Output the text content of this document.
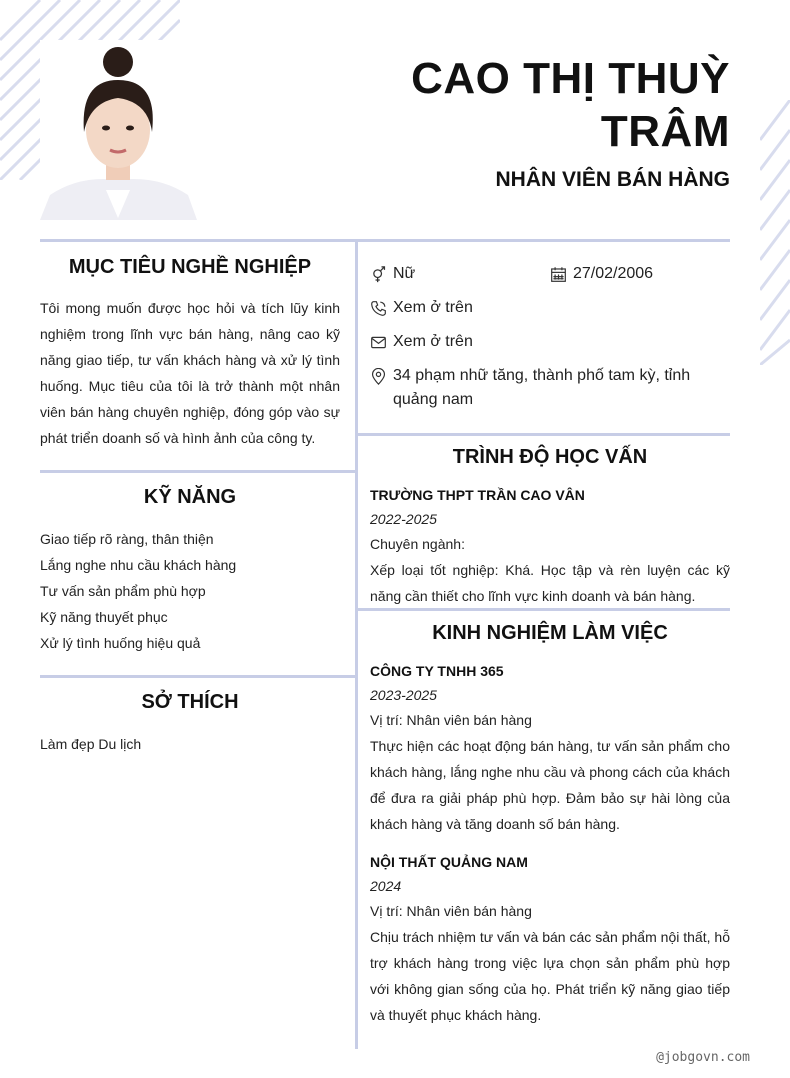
CAO THỊ THUỲ
TRÂM
NHÂN VIÊN BÁN HÀNG
MỤC TIÊU NGHỀ NGHIỆP
Tôi mong muốn được học hỏi và tích lũy kinh nghiệm trong lĩnh vực bán hàng, nâng cao kỹ năng giao tiếp, tư vấn khách hàng và xử lý tình huống. Mục tiêu của tôi là trở thành một nhân viên bán hàng chuyên nghiệp, đóng góp vào sự phát triển doanh số và hình ảnh của công ty.
KỸ NĂNG
Giao tiếp rõ ràng, thân thiện
Lắng nghe nhu cầu khách hàng
Tư vấn sản phẩm phù hợp
Kỹ năng thuyết phục
Xử lý tình huống hiệu quả
SỞ THÍCH
Làm đẹp Du lịch
Nữ	27/02/2006
Xem ở trên
Xem ở trên
34 phạm nhữ tăng, thành phố tam kỳ, tỉnh quảng nam
TRÌNH ĐỘ HỌC VẤN
TRƯỜNG THPT TRẦN CAO VÂN
2022-2025
Chuyên ngành:
Xếp loại tốt nghiệp: Khá. Học tập và rèn luyện các kỹ năng cần thiết cho lĩnh vực kinh doanh và bán hàng.
KINH NGHIỆM LÀM VIỆC
CÔNG TY TNHH 365
2023-2025
Vị trí: Nhân viên bán hàng
Thực hiện các hoạt động bán hàng, tư vấn sản phẩm cho khách hàng, lắng nghe nhu cầu và phong cách của khách để đưa ra giải pháp phù hợp. Đảm bảo sự hài lòng của khách hàng và tăng doanh số bán hàng.
NỘI THẤT QUẢNG NAM
2024
Vị trí: Nhân viên bán hàng
Chịu trách nhiệm tư vấn và bán các sản phẩm nội thất, hỗ trợ khách hàng trong việc lựa chọn sản phẩm phù hợp với không gian sống của họ. Phát triển kỹ năng giao tiếp và thuyết phục khách hàng.
@jobgovn.com
